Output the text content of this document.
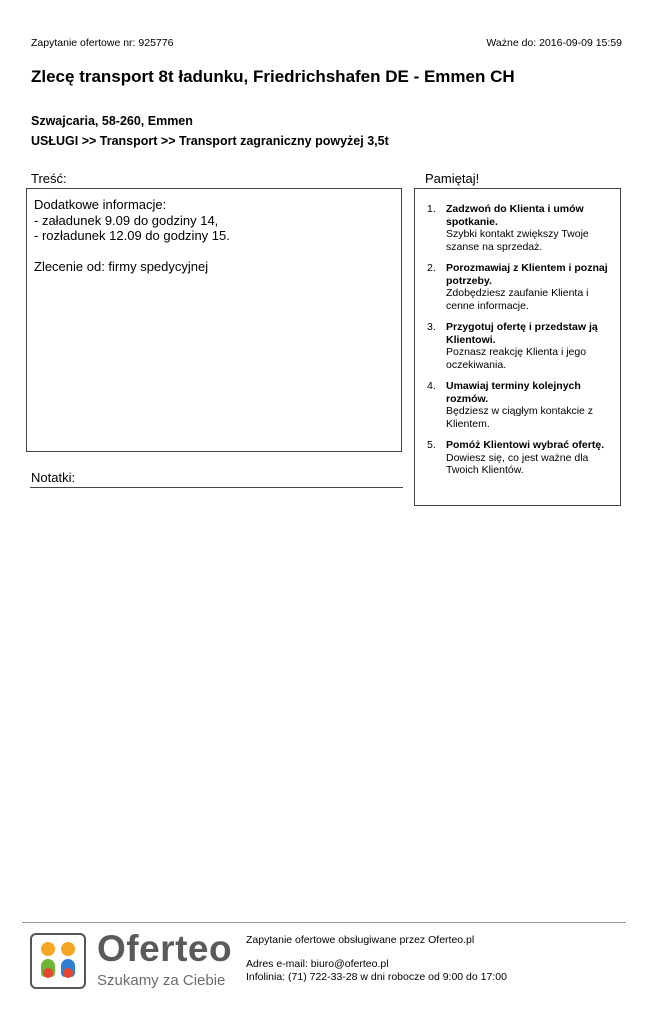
Zapytanie ofertowe nr: 925776	Ważne do: 2016-09-09 15:59
Zlecę transport 8t ładunku, Friedrichshafen DE - Emmen CH
Szwajcaria, 58-260, Emmen
USŁUGI >> Transport >> Transport zagraniczny powyżej 3,5t
Treść:

Dodatkowe informacje:

- załadunek 9.09 do godziny 14,

- rozładunek 12.09 do godziny 15.

Zlecenie od: firmy spedycyjnej

Notatki:
Pamiętaj!
1. Zadzwoń do Klienta i umów spotkanie.
Szybki kontakt zwiększy Twoje szanse na sprzedaż.
2. Porozmawiaj z Klientem i poznaj potrzeby.
Zdobędziesz zaufanie Klienta i cenne informacje.
3. Przygotuj ofertę i przedstaw ją Klientowi.
Poznasz reakcję Klienta i jego oczekiwania.
4. Umawiaj terminy kolejnych rozmów.
Będziesz w ciągłym kontakcie z Klientem.
5. Pomóż Klientowi wybrać ofertę.
Dowiesz się, co jest ważne dla Twoich Klientów.
Oferteo
Szukamy za Ciebie
Zapytanie ofertowe obsługiwane przez Oferteo.pl
Adres e-mail: biuro@oferteo.pl
Infolinia: (71) 722-33-28 w dni robocze od 9:00 do 17:00
